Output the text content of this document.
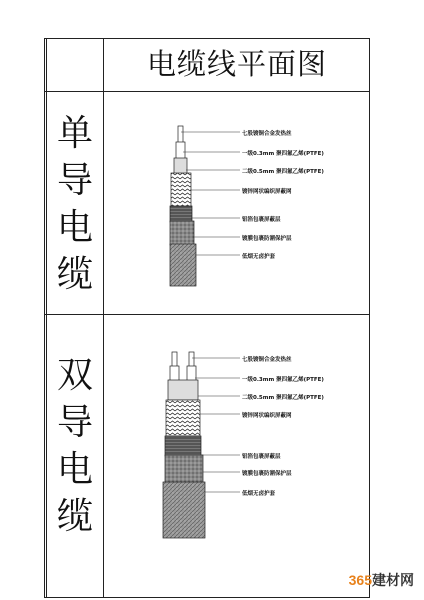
电缆线平面图
单
导
电
缆
双
导
电
缆
七股镀铜合金发热丝
一级0.3mm 聚四氟乙烯(PTFE)
二级0.5mm 聚四氟乙烯(PTFE)
镀锌网状编织屏蔽网
铝箔包裹屏蔽层
镀膜包裹防潮保护层
低烟无卤护套
七股镀铜合金发热丝
一级0.3mm 聚四氟乙烯(PTFE)
二级0.5mm 聚四氟乙烯(PTFE)
镀锌网状编织屏蔽网
铝箔包裹屏蔽层
镀膜包裹防潮保护层
低烟无卤护套
365建材网
